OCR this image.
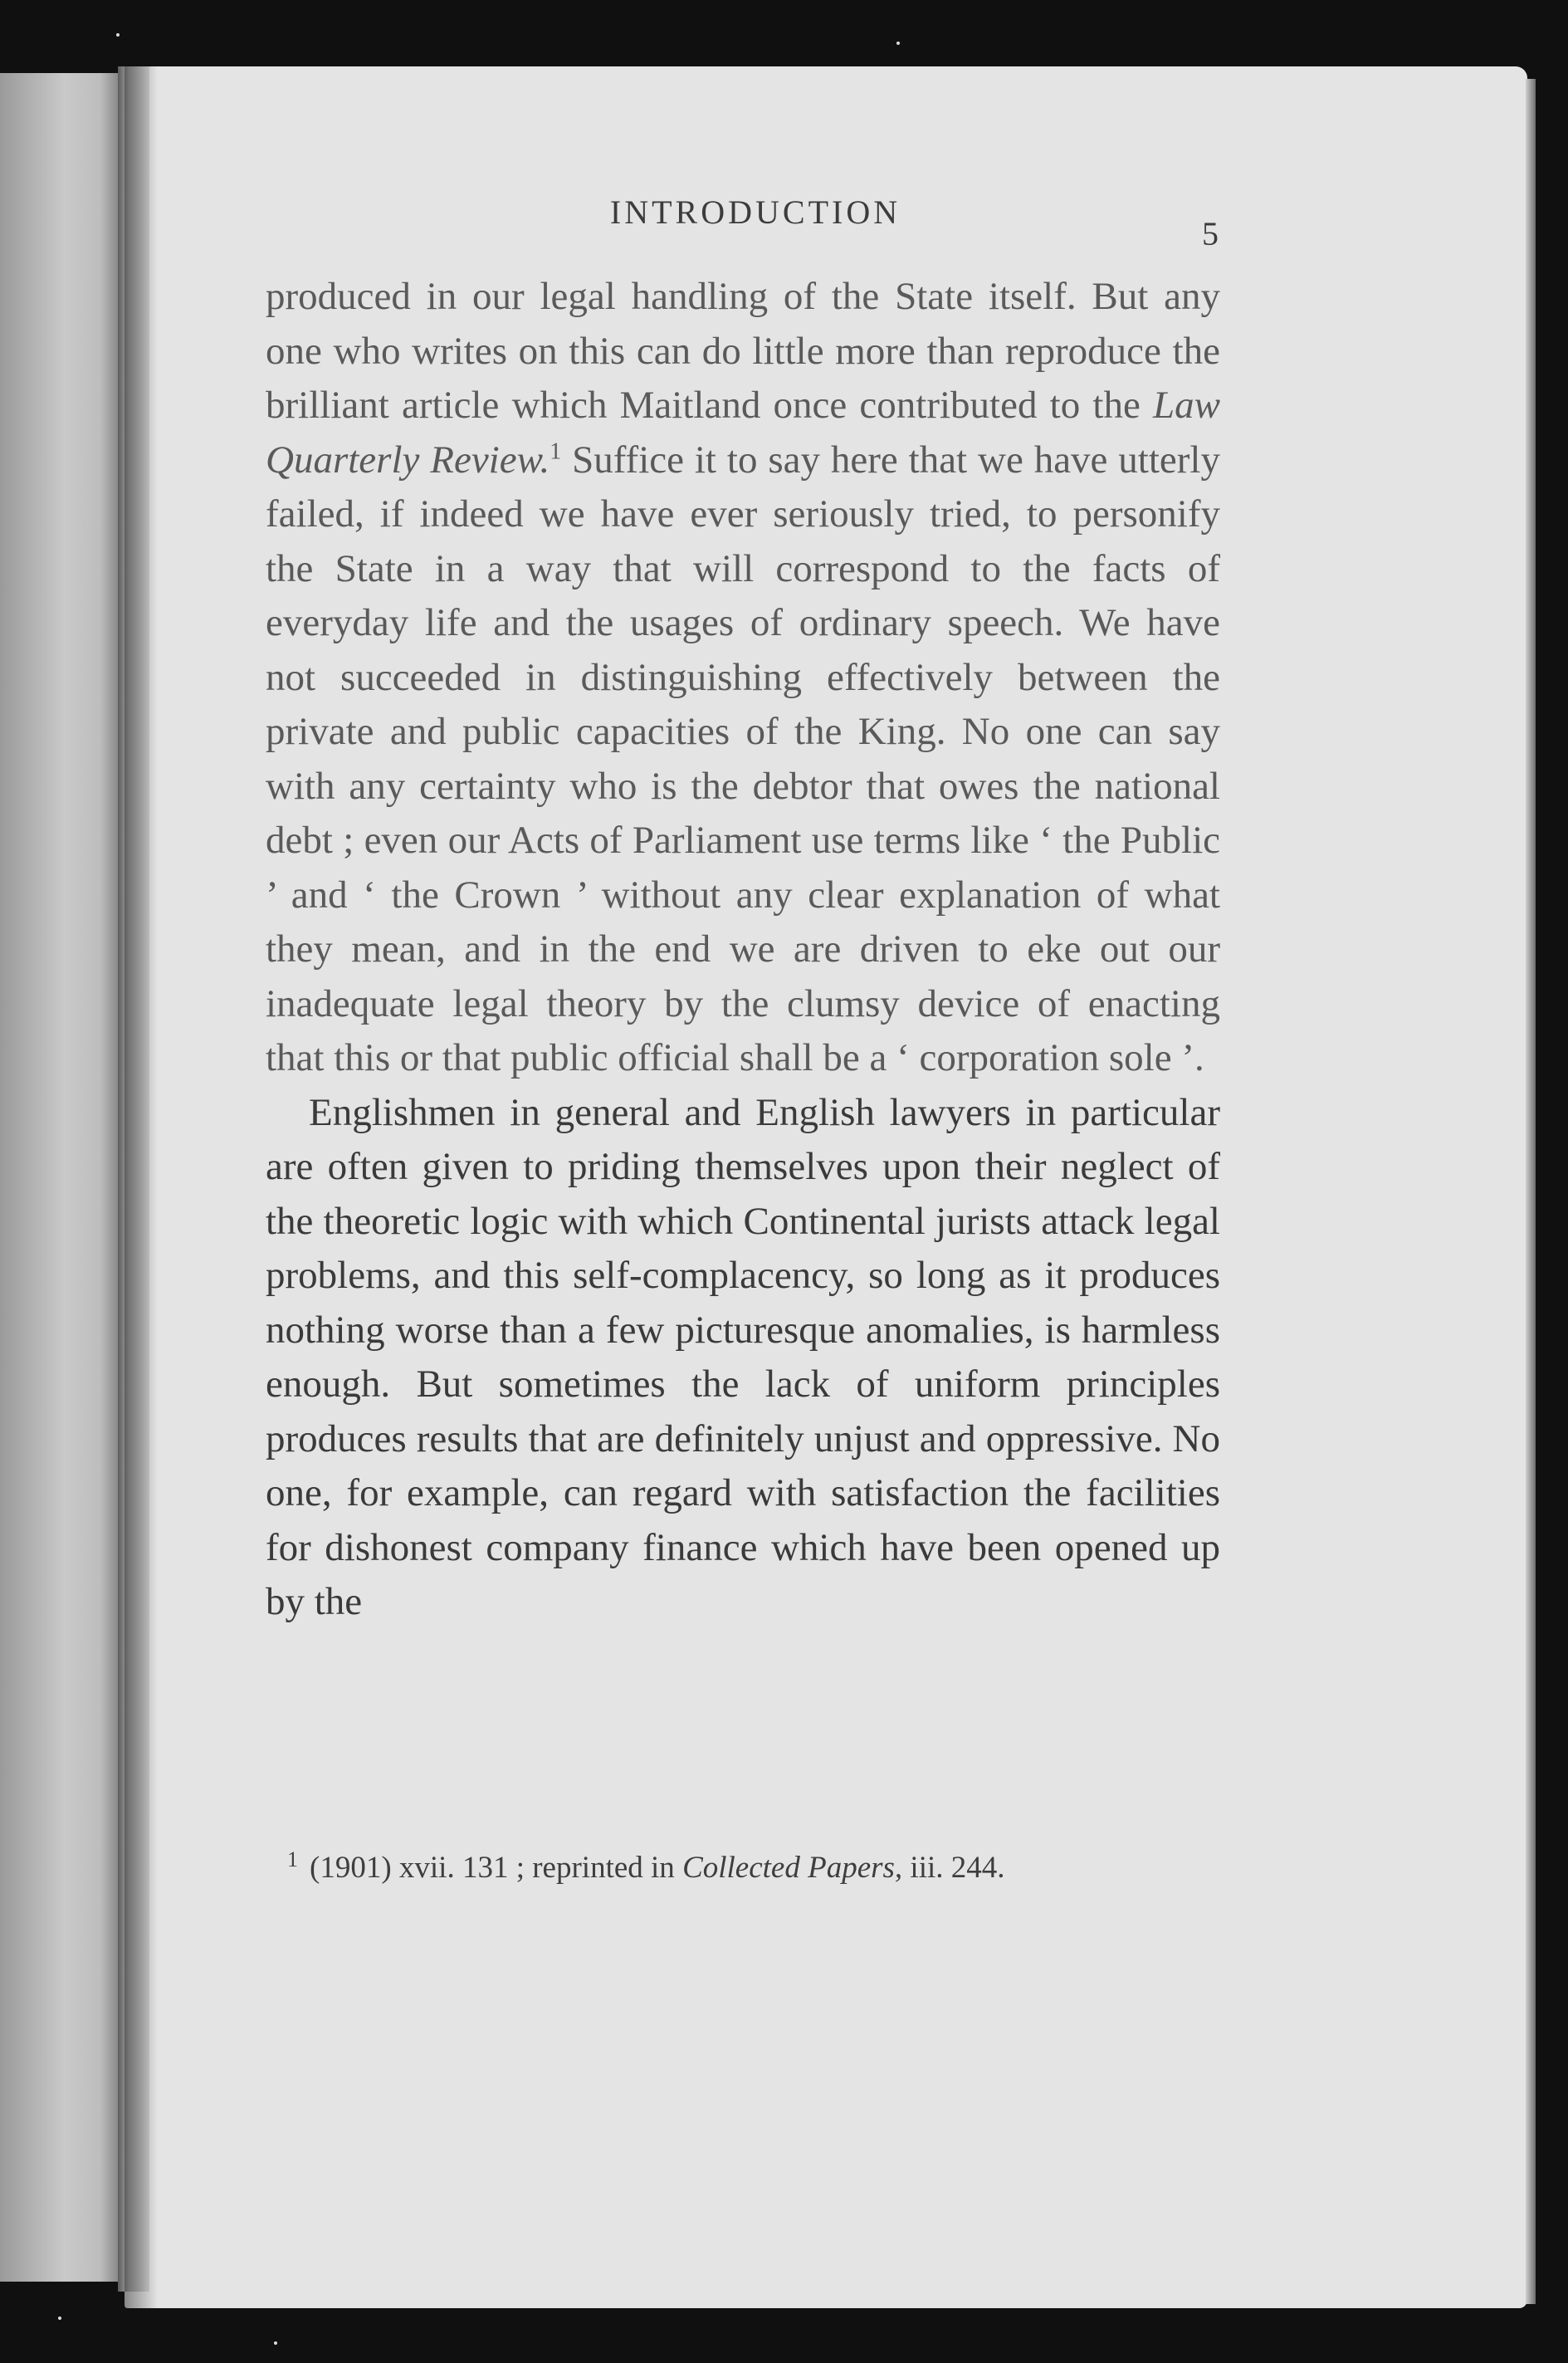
INTRODUCTION
5

produced in our legal handling of the State itself. But any one who writes on this can do little more than reproduce the brilliant article which Maitland once contributed to the Law Quarterly Review.$^1$ Suffice it to say here that we have utterly failed, if indeed we have ever seriously tried, to personify the State in a way that will correspond to the facts of everyday life and the usages of ordinary speech. We have not succeeded in distinguishing effectively between the private and public capacities of the King. No one can say with any certainty who is the debtor that owes the national debt ; even our Acts of Parliament use terms like ‘ the Public ’ and ‘ the Crown ’ without any clear explanation of what they mean, and in the end we are driven to eke out our inadequate legal theory by the clumsy device of enacting that this or that public official shall be a ‘ corporation sole ’.

Englishmen in general and English lawyers in particular are often given to priding themselves upon their neglect of the theoretic logic with which Continental jurists attack legal problems, and this self-complacency, so long as it produces nothing worse than a few picturesque anomalies, is harmless enough. But sometimes the lack of uniform principles produces results that are definitely unjust and oppressive. No one, for example, can regard with satisfaction the facilities for dishonest company finance which have been opened up by the

$^1$ (1901) xvii. 131 ; reprinted in Collected Papers, iii. 244.
